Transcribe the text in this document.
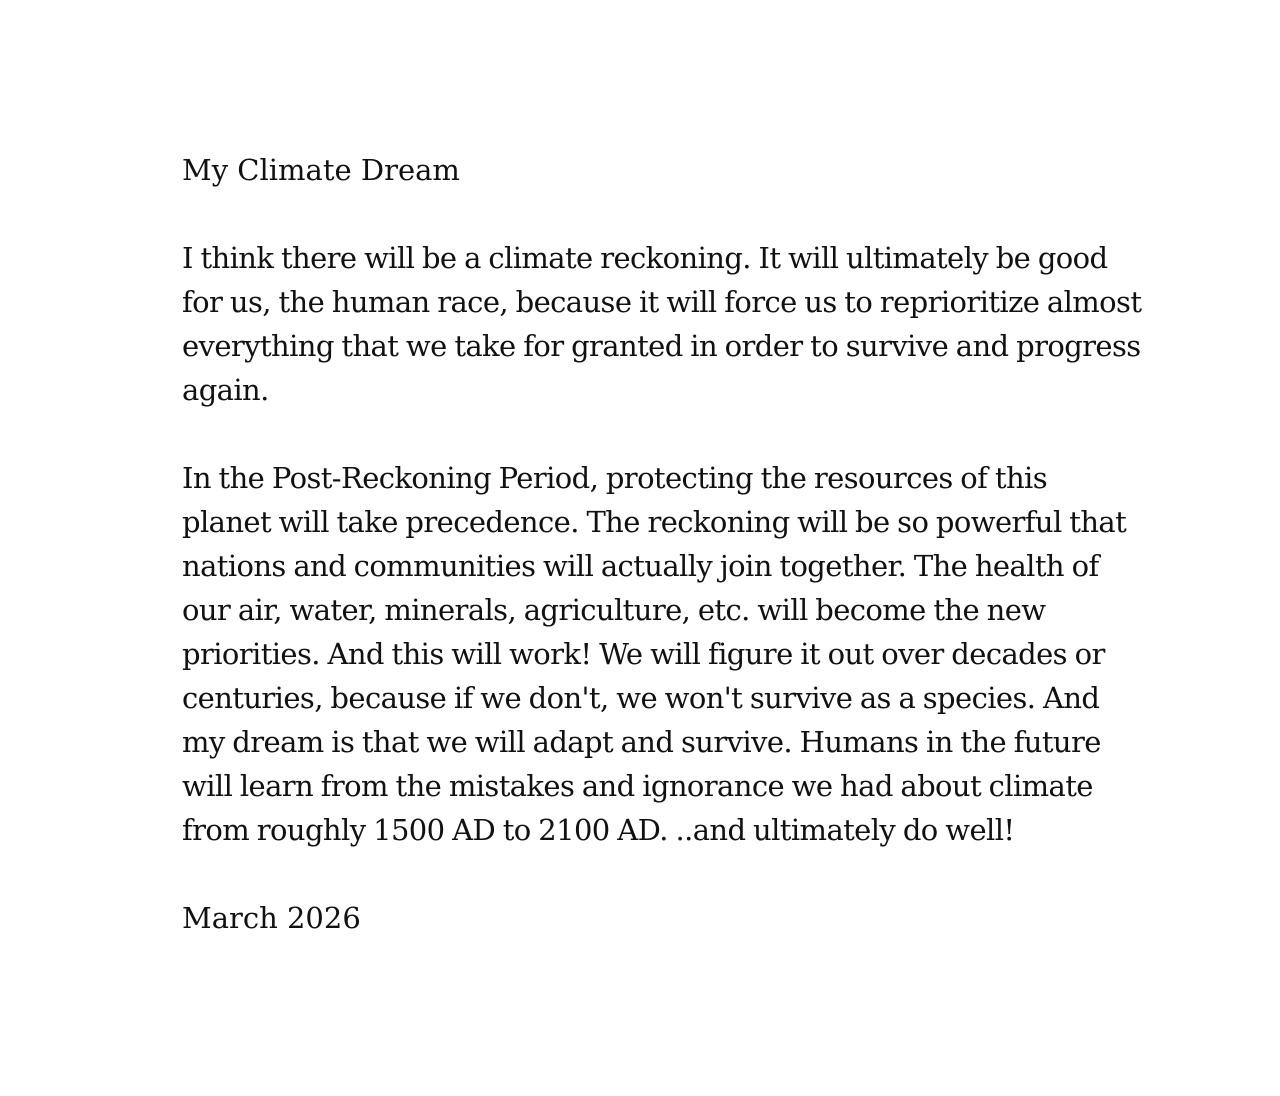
My Climate Dream

I think there will be a climate reckoning. It will ultimately be good for us, the human race, because it will force us to reprioritize almost everything that we take for granted in order to survive and progress again.

In the Post-Reckoning Period, protecting the resources of this planet will take precedence. The reckoning will be so powerful that nations and communities will actually join together. The health of our air, water, minerals, agriculture, etc. will become the new priorities. And this will work! We will figure it out over decades or centuries, because if we don't, we won't survive as a species. And my dream is that we will adapt and survive. Humans in the future will learn from the mistakes and ignorance we had about climate from roughly 1500 AD to 2100 AD. ..and ultimately do well!

March 2026
